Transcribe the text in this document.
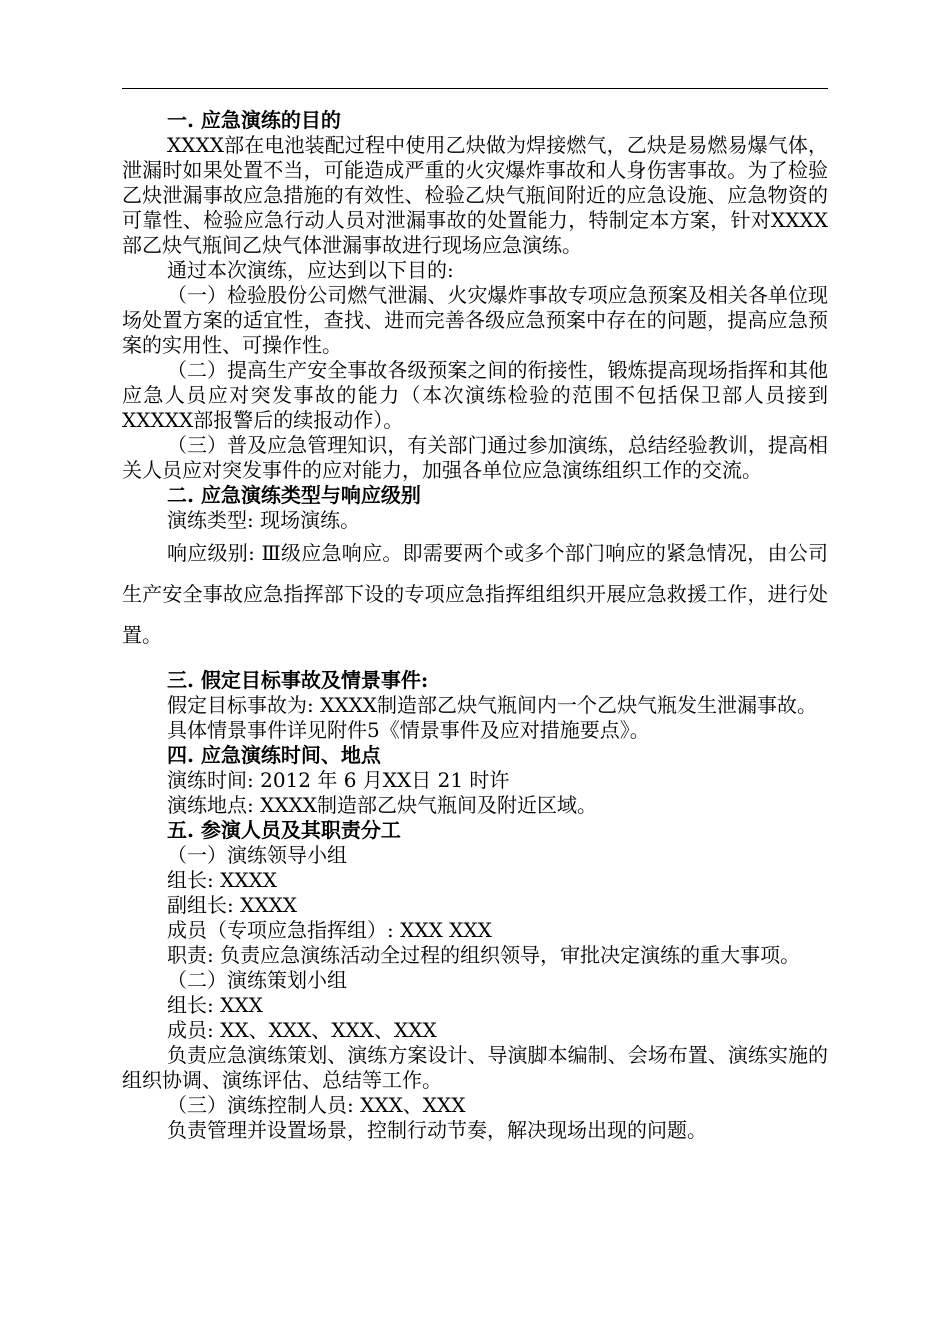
一. 应急演练的目的

XXXX部在电池装配过程中使用乙炔做为焊接燃气，乙炔是易燃易爆气体，泄漏时如果处置不当，可能造成严重的火灾爆炸事故和人身伤害事故。为了检验乙炔泄漏事故应急措施的有效性、检验乙炔气瓶间附近的应急设施、应急物资的可靠性、检验应急行动人员对泄漏事故的处置能力，特制定本方案，针对XXXX部乙炔气瓶间乙炔气体泄漏事故进行现场应急演练。

通过本次演练，应达到以下目的:

（一）检验股份公司燃气泄漏、火灾爆炸事故专项应急预案及相关各单位现场处置方案的适宜性，查找、进而完善各级应急预案中存在的问题，提高应急预案的实用性、可操作性。

（二）提高生产安全事故各级预案之间的衔接性，锻炼提高现场指挥和其他应急人员应对突发事故的能力（本次演练检验的范围不包括保卫部人员接到XXXXX部报警后的续报动作）。

（三）普及应急管理知识，有关部门通过参加演练，总结经验教训，提高相关人员应对突发事件的应对能力，加强各单位应急演练组织工作的交流。

二. 应急演练类型与响应级别

演练类型: 现场演练。

响应级别: Ⅲ级应急响应。即需要两个或多个部门响应的紧急情况，由公司生产安全事故应急指挥部下设的专项应急指挥组组织开展应急救援工作，进行处置。

三. 假定目标事故及情景事件:

假定目标事故为: XXXX制造部乙炔气瓶间内一个乙炔气瓶发生泄漏事故。

具体情景事件详见附件5《情景事件及应对措施要点》。

四. 应急演练时间、地点

演练时间: 2012 年 6 月XX日 21 时许

演练地点: XXXX制造部乙炔气瓶间及附近区域。

五. 参演人员及其职责分工

（一）演练领导小组

组长: XXXX

副组长: XXXX

成员（专项应急指挥组）: XXX XXX

职责: 负责应急演练活动全过程的组织领导，审批决定演练的重大事项。

（二）演练策划小组

组长: XXX

成员: XX、XXX、XXX、XXX

负责应急演练策划、演练方案设计、导演脚本编制、会场布置、演练实施的组织协调、演练评估、总结等工作。

（三）演练控制人员: XXX、XXX

负责管理并设置场景，控制行动节奏，解决现场出现的问题。
